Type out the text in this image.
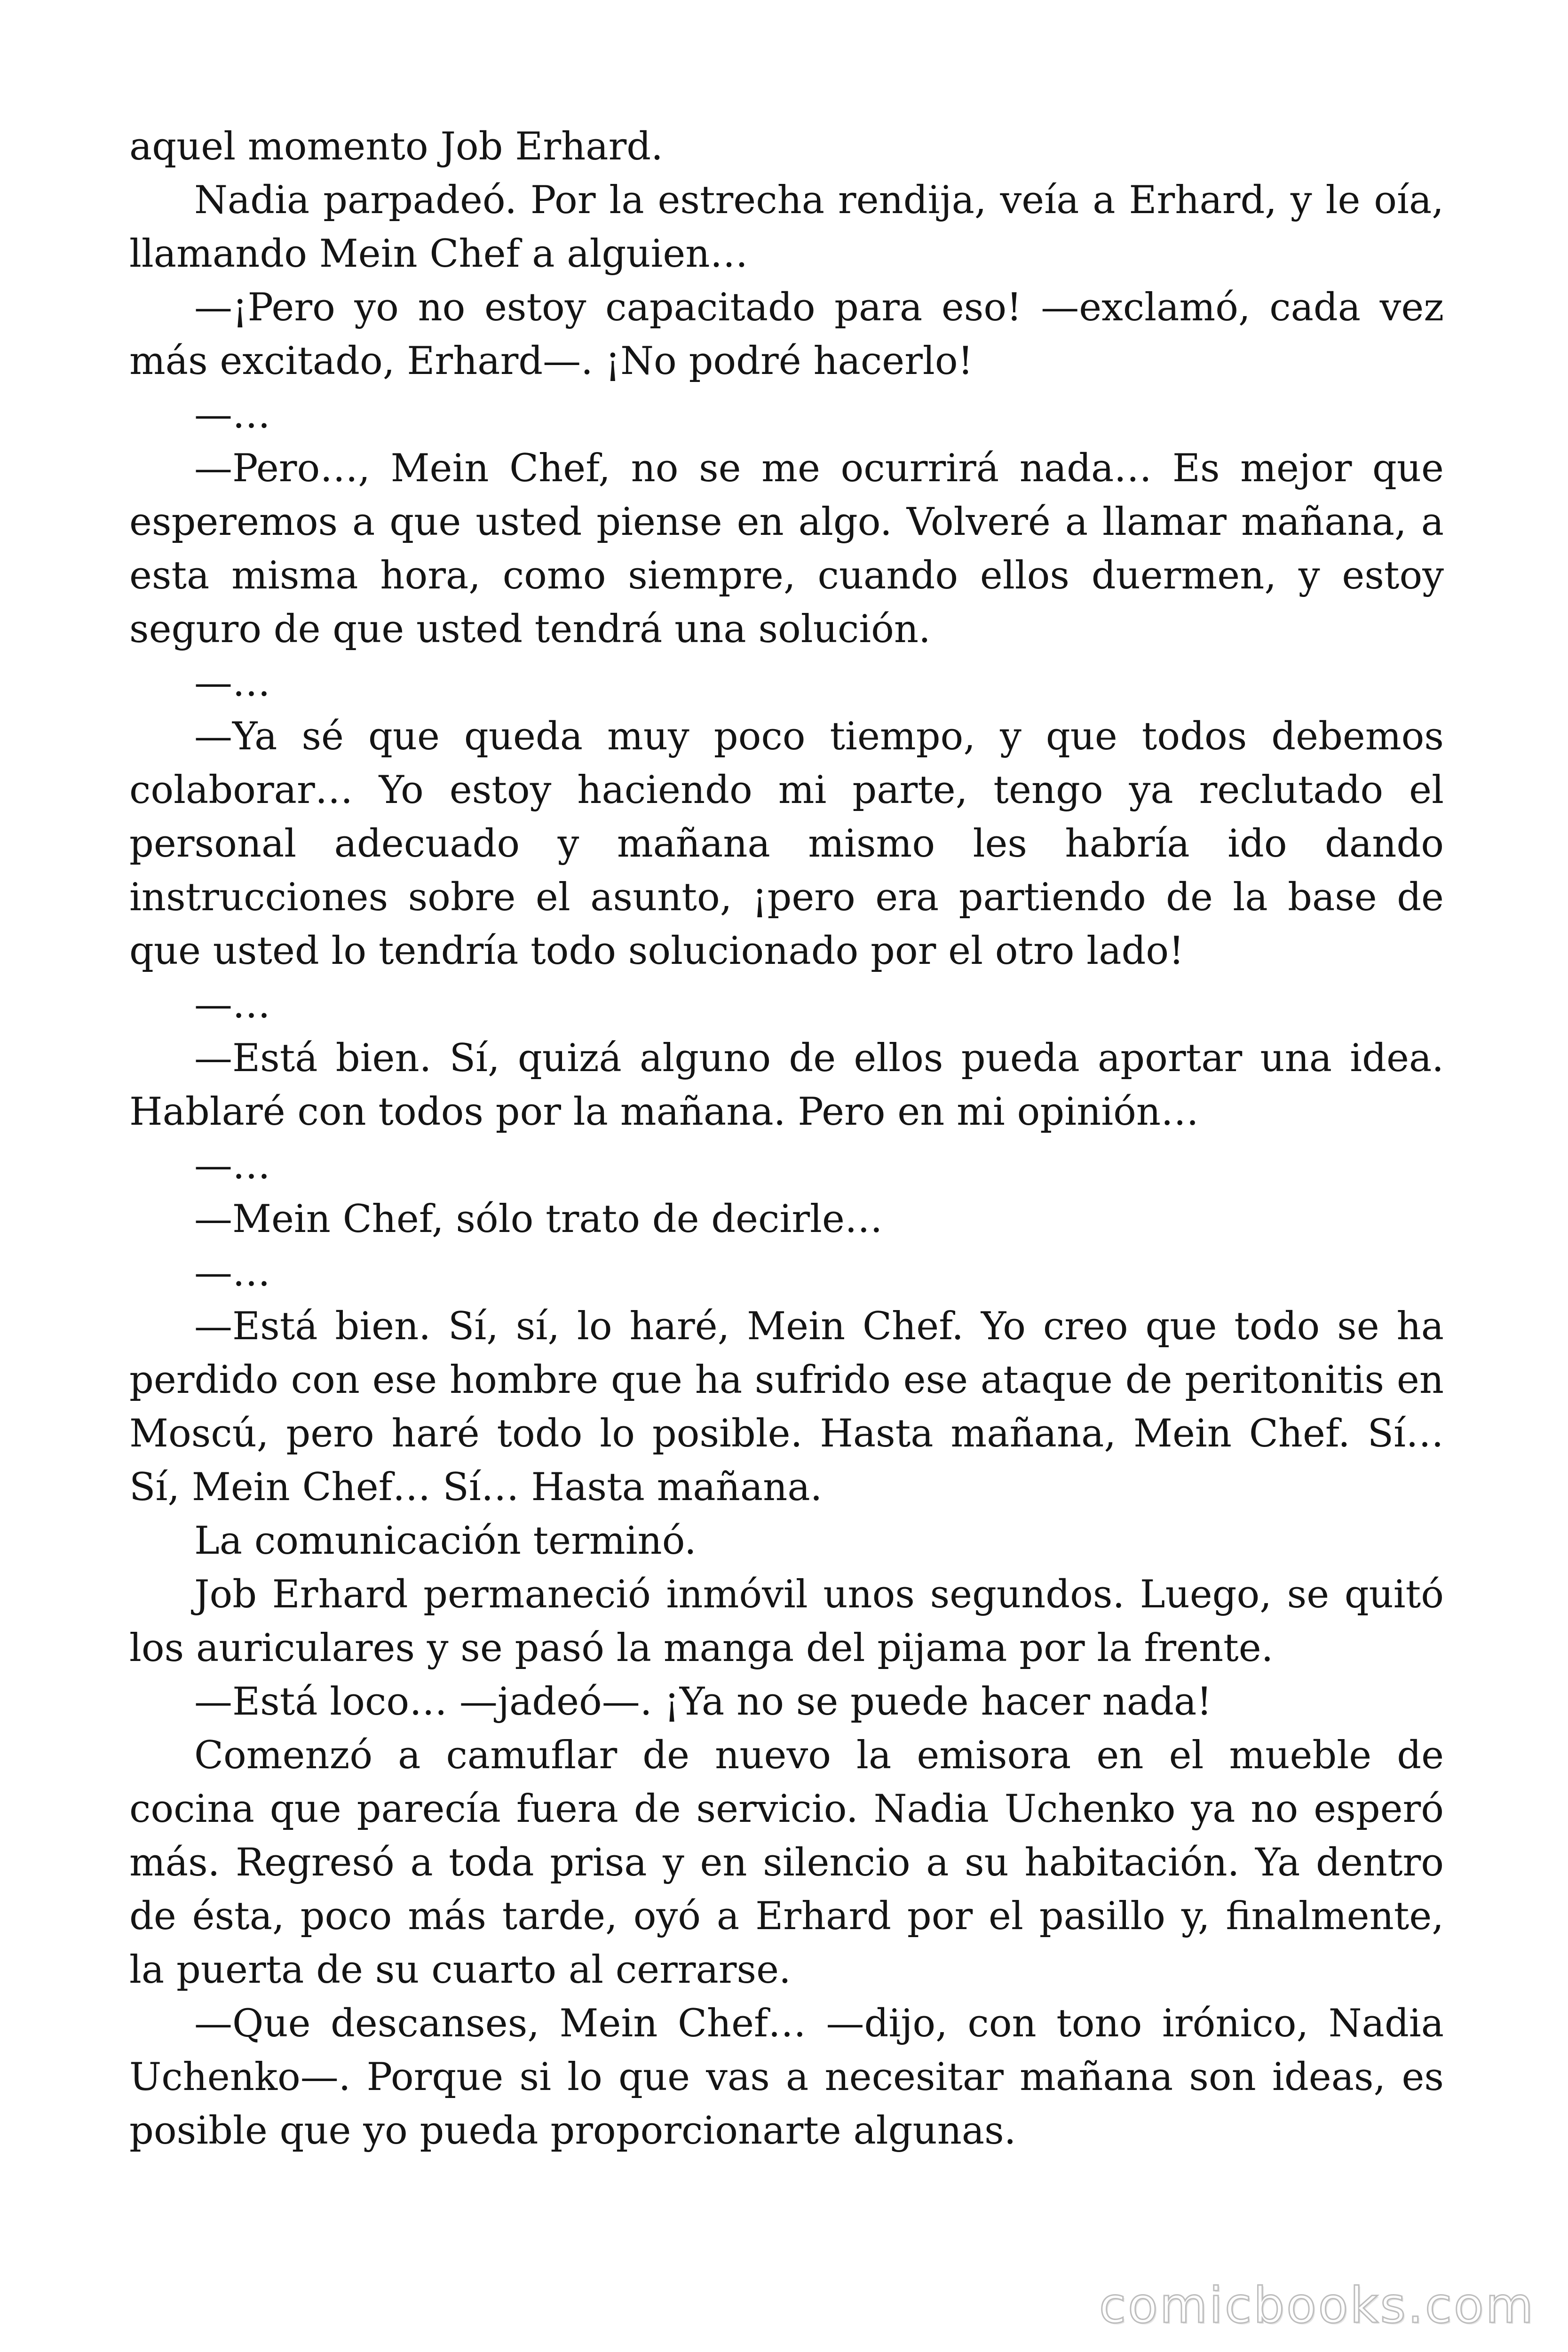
aquel momento Job Erhard.

Nadia parpadeó. Por la estrecha rendija, veía a Erhard, y le oía, llamando Mein Chef a alguien…

—¡Pero yo no estoy capacitado para eso! —exclamó, cada vez más excitado, Erhard—. ¡No podré hacerlo!

—…

—Pero…, Mein Chef, no se me ocurrirá nada… Es mejor que esperemos a que usted piense en algo. Volveré a llamar mañana, a esta misma hora, como siempre, cuando ellos duermen, y estoy seguro de que usted tendrá una solución.

—…

—Ya sé que queda muy poco tiempo, y que todos debemos colaborar… Yo estoy haciendo mi parte, tengo ya reclutado el personal adecuado y mañana mismo les habría ido dando instrucciones sobre el asunto, ¡pero era partiendo de la base de que usted lo tendría todo solucionado por el otro lado!

—…

—Está bien. Sí, quizá alguno de ellos pueda aportar una idea. Hablaré con todos por la mañana. Pero en mi opinión…

—…

—Mein Chef, sólo trato de decirle…

—…

—Está bien. Sí, sí, lo haré, Mein Chef. Yo creo que todo se ha perdido con ese hombre que ha sufrido ese ataque de peritonitis en Moscú, pero haré todo lo posible. Hasta mañana, Mein Chef. Sí… Sí, Mein Chef… Sí… Hasta mañana.

La comunicación terminó.

Job Erhard permaneció inmóvil unos segundos. Luego, se quitó los auriculares y se pasó la manga del pijama por la frente.

—Está loco… —jadeó—. ¡Ya no se puede hacer nada!

Comenzó a camuflar de nuevo la emisora en el mueble de cocina que parecía fuera de servicio. Nadia Uchenko ya no esperó más. Regresó a toda prisa y en silencio a su habitación. Ya dentro de ésta, poco más tarde, oyó a Erhard por el pasillo y, finalmente, la puerta de su cuarto al cerrarse.

—Que descanses, Mein Chef… —dijo, con tono irónico, Nadia Uchenko—. Porque si lo que vas a necesitar mañana son ideas, es posible que yo pueda proporcionarte algunas.

comicbooks.com
